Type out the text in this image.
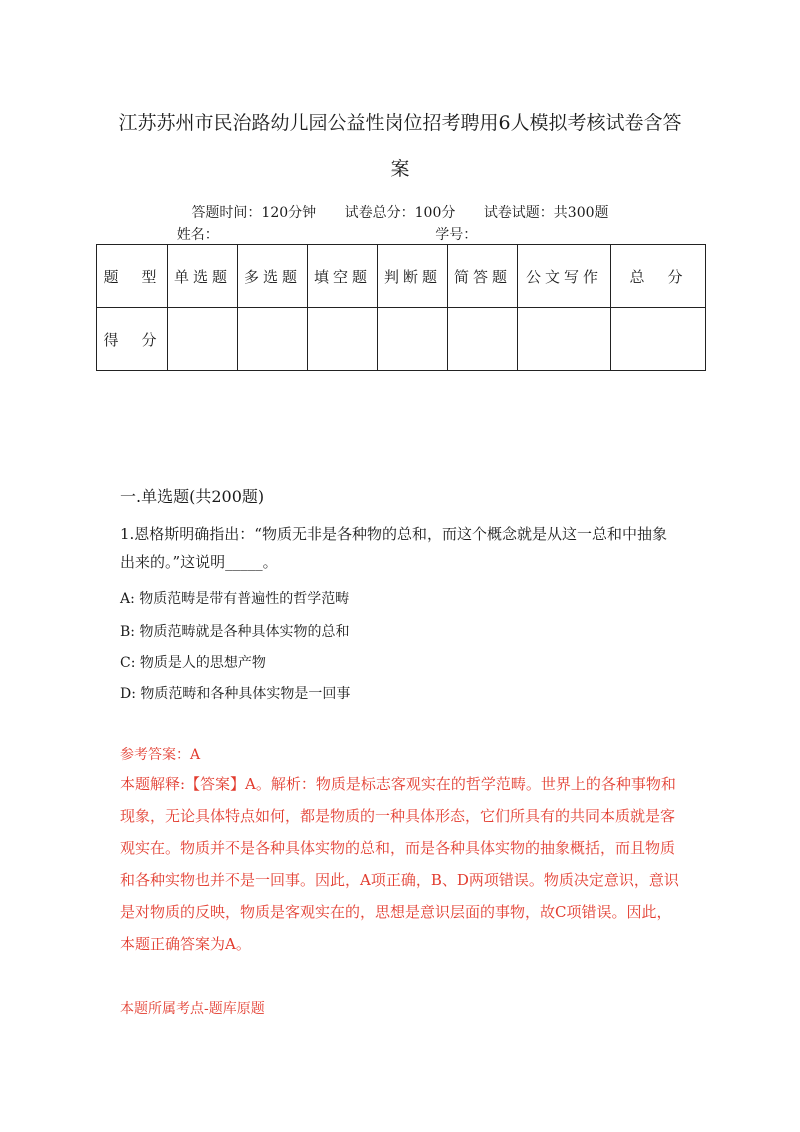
江苏苏州市民治路幼儿园公益性岗位招考聘用6人模拟考核试卷含答案
答题时间：120分钟 试卷总分：100分 试卷试题：共300题
姓名：	学号：
题　型	单选题	多选题	填空题	判断题	简答题	公文写作	总　分
得　分							
一.单选题(共200题)

1.恩格斯明确指出：“物质无非是各种物的总和，而这个概念就是从这一总和中抽象出来的。”这说明_____。

A: 物质范畴是带有普遍性的哲学范畴
B: 物质范畴就是各种具体实物的总和
C: 物质是人的思想产物
D: 物质范畴和各种具体实物是一回事
参考答案：A

本题解释:【答案】A。解析：物质是标志客观实在的哲学范畴。世界上的各种事物和现象，无论具体特点如何，都是物质的一种具体形态，它们所具有的共同本质就是客观实在。物质并不是各种具体实物的总和，而是各种具体实物的抽象概括，而且物质和各种实物也并不是一回事。因此，A项正确，B、D两项错误。物质决定意识，意识是对物质的反映，物质是客观实在的，思想是意识层面的事物，故C项错误。因此，本题正确答案为A。

本题所属考点-题库原题
